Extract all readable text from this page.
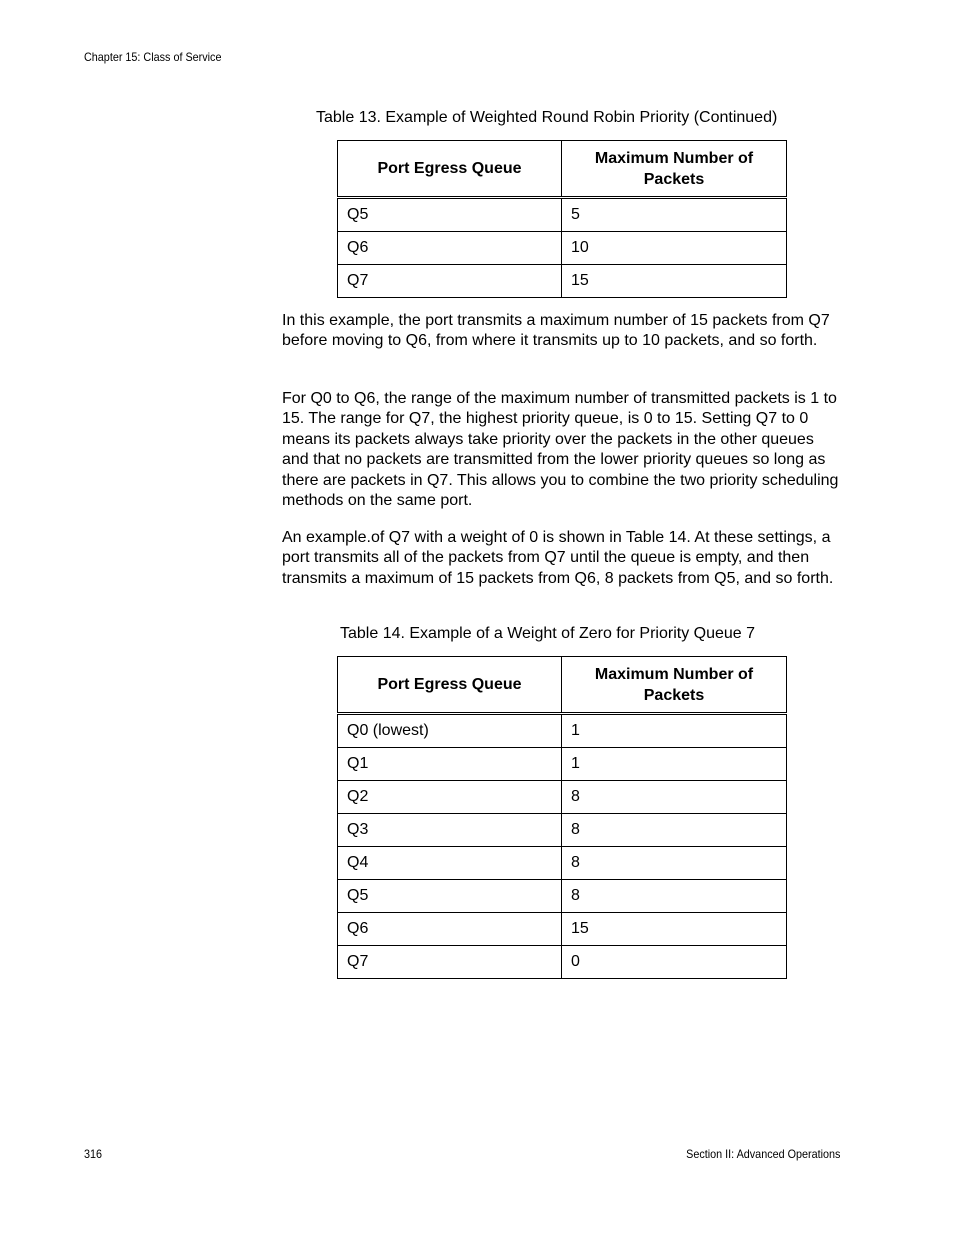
Chapter 15: Class of Service
Table 13. Example of Weighted Round Robin Priority (Continued)
Port Egress Queue	Maximum Number of Packets
Q5	5
Q6	10
Q7	15

In this example, the port transmits a maximum number of 15 packets from Q7 before moving to Q6, from where it transmits up to 10 packets, and so forth.

For Q0 to Q6, the range of the maximum number of transmitted packets is 1 to 15. The range for Q7, the highest priority queue, is 0 to 15. Setting Q7 to 0 means its packets always take priority over the packets in the other queues and that no packets are transmitted from the lower priority queues so long as there are packets in Q7. This allows you to combine the two priority scheduling methods on the same port.

An example.of Q7 with a weight of 0 is shown in Table 14. At these settings, a port transmits all of the packets from Q7 until the queue is empty, and then transmits a maximum of 15 packets from Q6, 8 packets from Q5, and so forth.

Table 14. Example of a Weight of Zero for Priority Queue 7
Port Egress Queue	Maximum Number of Packets
Q0 (lowest)	1
Q1	1
Q2	8
Q3	8
Q4	8
Q5	8
Q6	15
Q7	0
316	Section II: Advanced Operations
